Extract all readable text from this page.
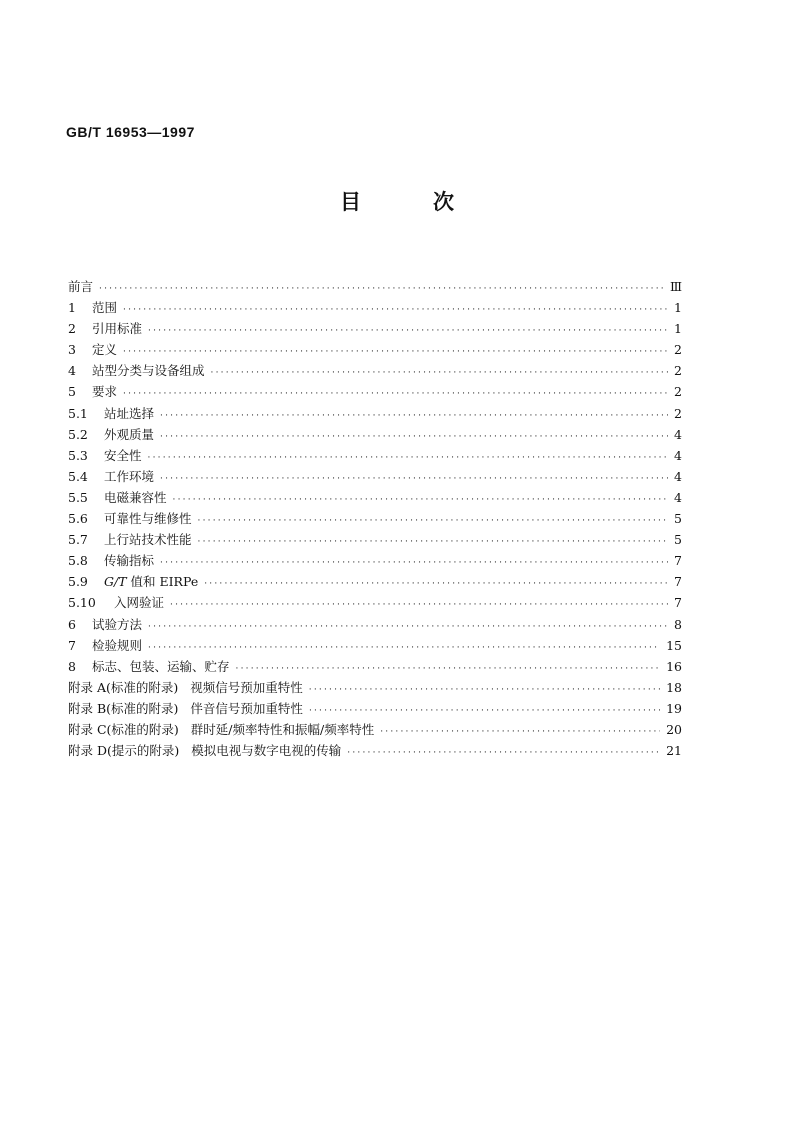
GB/T 16953—1997
目	次
前言 ·····	Ⅲ
1	范围 ·····	1
2	引用标准 ·····	1
3	定义 ·····	2
4	站型分类与设备组成 ·····	2
5	要求 ·····	2
5.1	站址选择 ·····	2
5.2	外观质量 ·····	4
5.3	安全性 ·····	4
5.4	工作环境 ·····	4
5.5	电磁兼容性 ·····	4
5.6	可靠性与维修性 ·····	5
5.7	上行站技术性能 ·····	5
5.8	传输指标 ·····	7
5.9	G/T 值和 EIRPe ·····	7
5.10	入网验证 ·····	7
6	试验方法 ·····	8
7	检验规则 ·····	15
8	标志、包装、运输、贮存 ·····	16
附录 A(标准的附录) 视频信号预加重特性 ·····	18
附录 B(标准的附录) 伴音信号预加重特性 ·····	19
附录 C(标准的附录) 群时延/频率特性和振幅/频率特性 ·····	20
附录 D(提示的附录) 模拟电视与数字电视的传输 ·····	21
